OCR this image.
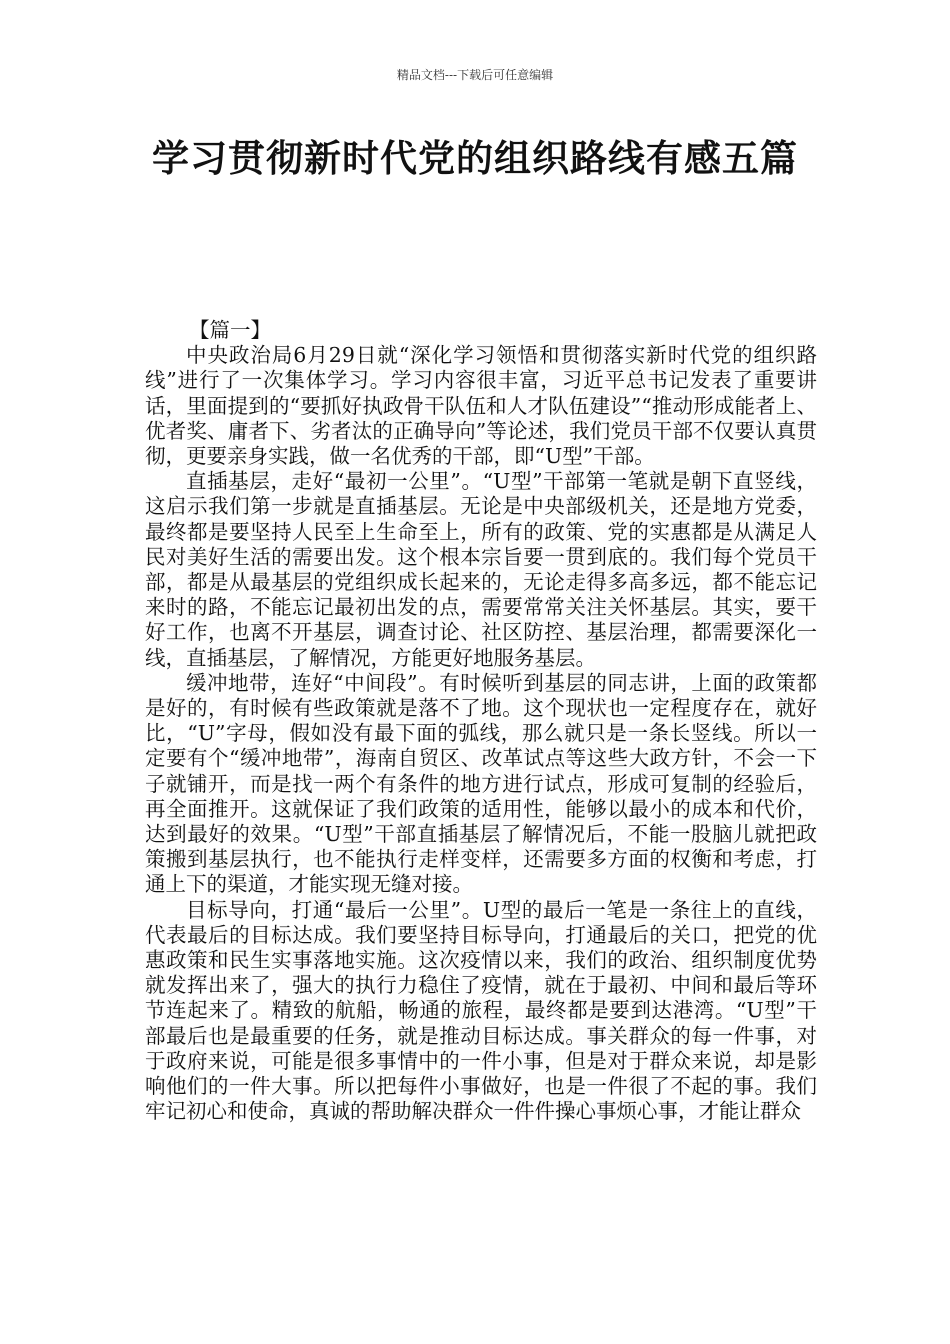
精品文档---下载后可任意编辑
学习贯彻新时代党的组织路线有感五篇

【篇一】

中央政治局6月29日就“深化学习领悟和贯彻落实新时代党的组织路线”进行了一次集体学习。学习内容很丰富，习近平总书记发表了重要讲话，里面提到的“要抓好执政骨干队伍和人才队伍建设”“推动形成能者上、优者奖、庸者下、劣者汰的正确导向”等论述，我们党员干部不仅要认真贯彻，更要亲身实践，做一名优秀的干部，即“U型”干部。

直插基层，走好“最初一公里”。“U型”干部第一笔就是朝下直竖线，这启示我们第一步就是直插基层。无论是中央部级机关，还是地方党委，最终都是要坚持人民至上生命至上，所有的政策、党的实惠都是从满足人民对美好生活的需要出发。这个根本宗旨要一贯到底的。我们每个党员干部，都是从最基层的党组织成长起来的，无论走得多高多远，都不能忘记来时的路，不能忘记最初出发的点，需要常常关注关怀基层。其实，要干好工作，也离不开基层，调查讨论、社区防控、基层治理，都需要深化一线，直插基层，了解情况，方能更好地服务基层。

缓冲地带，连好“中间段”。有时候听到基层的同志讲，上面的政策都是好的，有时候有些政策就是落不了地。这个现状也一定程度存在，就好比，“U”字母，假如没有最下面的弧线，那么就只是一条长竖线。所以一定要有个“缓冲地带”，海南自贸区、改革试点等这些大政方针，不会一下子就铺开，而是找一两个有条件的地方进行试点，形成可复制的经验后，再全面推开。这就保证了我们政策的适用性，能够以最小的成本和代价，达到最好的效果。“U型”干部直插基层了解情况后，不能一股脑儿就把政策搬到基层执行，也不能执行走样变样，还需要多方面的权衡和考虑，打通上下的渠道，才能实现无缝对接。

目标导向，打通“最后一公里”。U型的最后一笔是一条往上的直线，代表最后的目标达成。我们要坚持目标导向，打通最后的关口，把党的优惠政策和民生实事落地实施。这次疫情以来，我们的政治、组织制度优势就发挥出来了，强大的执行力稳住了疫情，就在于最初、中间和最后等环节连起来了。精致的航船，畅通的旅程，最终都是要到达港湾。“U型”干部最后也是最重要的任务，就是推动目标达成。事关群众的每一件事，对于政府来说，可能是很多事情中的一件小事，但是对于群众来说，却是影响他们的一件大事。所以把每件小事做好，也是一件很了不起的事。我们牢记初心和使命，真诚的帮助解决群众一件件操心事烦心事，才能让群众
